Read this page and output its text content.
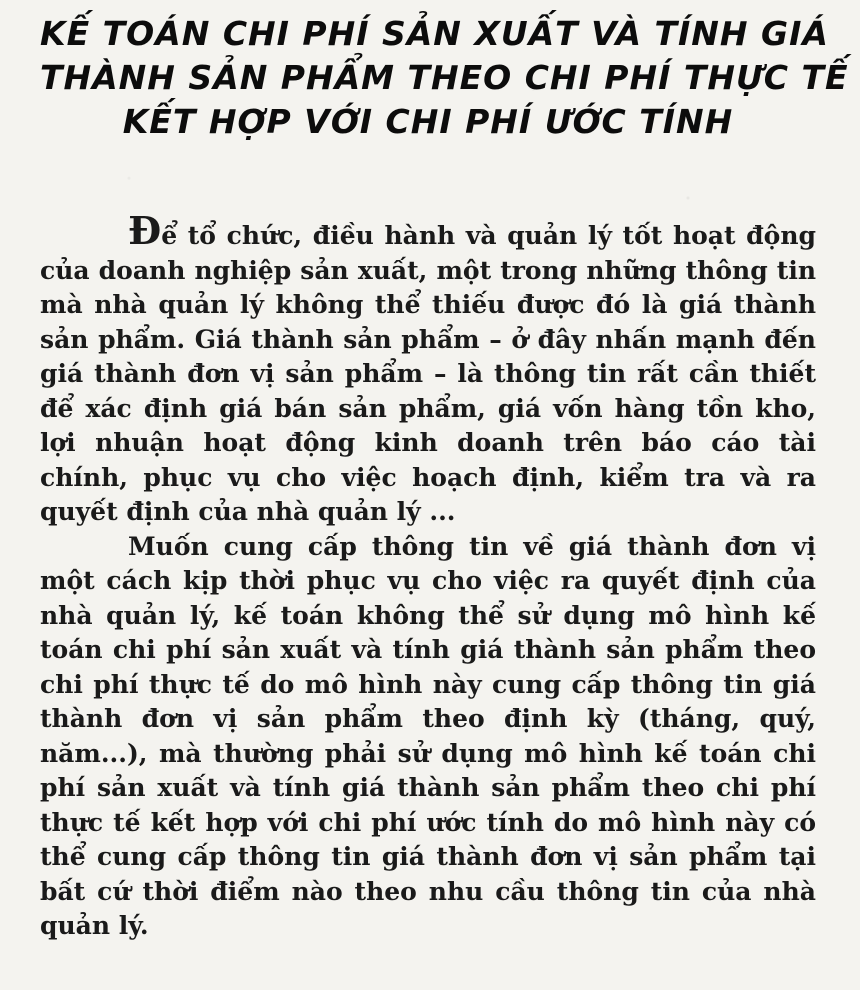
KẾ TOÁN CHI PHÍ SẢN XUẤT VÀ TÍNH GIÁ
THÀNH SẢN PHẨM THEO CHI PHÍ THỰC TẾ
KẾT HỢP VỚI CHI PHÍ ƯỚC TÍNH

Để tổ chức, điều hành và quản lý tốt hoạt động của doanh nghiệp sản xuất, một trong những thông tin mà nhà quản lý không thể thiếu được đó là giá thành sản phẩm. Giá thành sản phẩm – ở đây nhấn mạnh đến giá thành đơn vị sản phẩm – là thông tin rất cần thiết để xác định giá bán sản phẩm, giá vốn hàng tồn kho, lợi nhuận hoạt động kinh doanh trên báo cáo tài chính, phục vụ cho việc hoạch định, kiểm tra và ra quyết định của nhà quản lý ...

Muốn cung cấp thông tin về giá thành đơn vị một cách kịp thời phục vụ cho việc ra quyết định của nhà quản lý, kế toán không thể sử dụng mô hình kế toán chi phí sản xuất và tính giá thành sản phẩm theo chi phí thực tế do mô hình này cung cấp thông tin giá thành đơn vị sản phẩm theo định kỳ (tháng, quý, năm...), mà thường phải sử dụng mô hình kế toán chi phí sản xuất và tính giá thành sản phẩm theo chi phí thực tế kết hợp với chi phí ước tính do mô hình này có thể cung cấp thông tin giá thành đơn vị sản phẩm tại bất cứ thời điểm nào theo nhu cầu thông tin của nhà quản lý.
